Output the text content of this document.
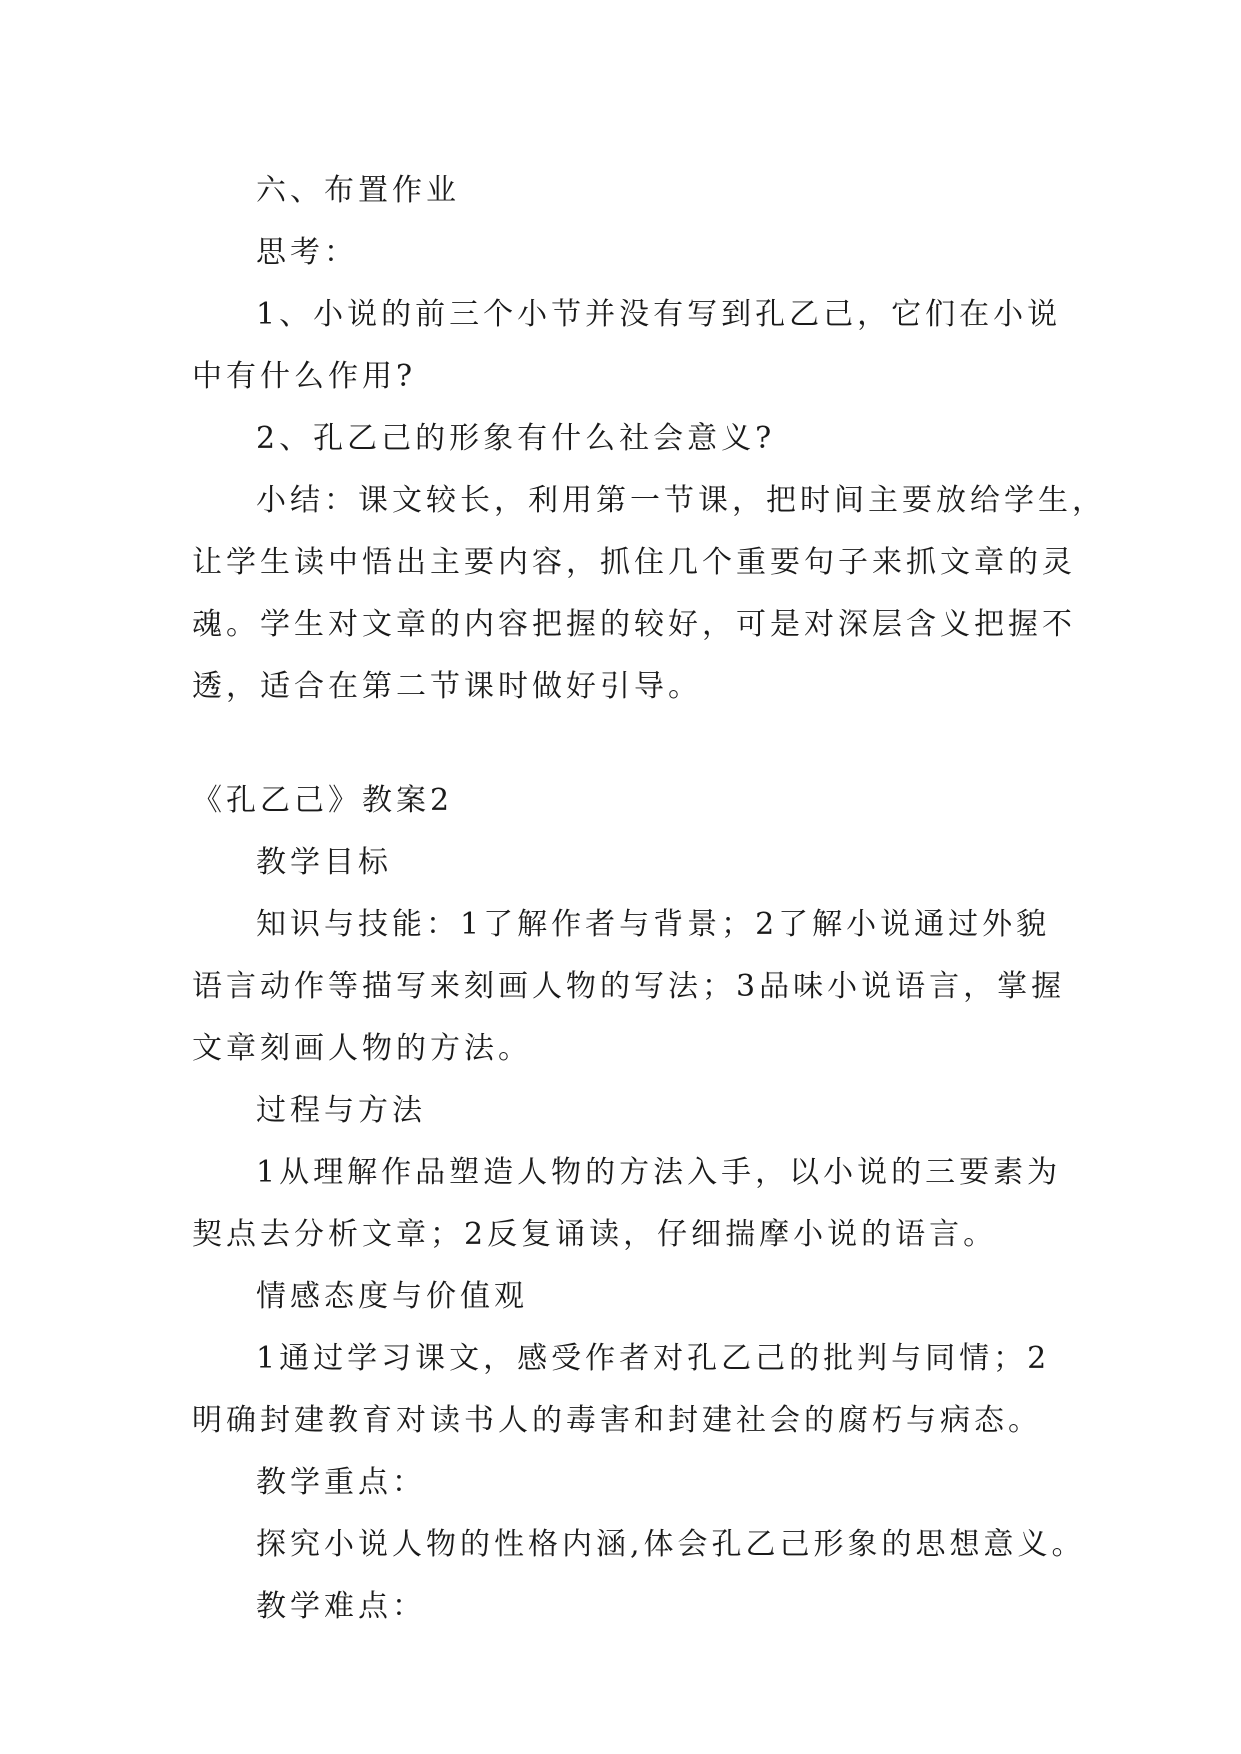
六、布置作业

思考：

1、小说的前三个小节并没有写到孔乙己，它们在小说

中有什么作用?

2、孔乙己的形象有什么社会意义?

小结：课文较长，利用第一节课，把时间主要放给学生，

让学生读中悟出主要内容，抓住几个重要句子来抓文章的灵

魂。学生对文章的内容把握的较好，可是对深层含义把握不

透，适合在第二节课时做好引导。

《孔乙己》教案2

教学目标

知识与技能：1了解作者与背景；2了解小说通过外貌

语言动作等描写来刻画人物的写法；3品味小说语言，掌握

文章刻画人物的方法。

过程与方法

1从理解作品塑造人物的方法入手，以小说的三要素为

契点去分析文章；2反复诵读，仔细揣摩小说的语言。

情感态度与价值观

1通过学习课文，感受作者对孔乙己的批判与同情；2

明确封建教育对读书人的毒害和封建社会的腐朽与病态。

教学重点：

探究小说人物的性格内涵,体会孔乙己形象的思想意义。

教学难点：
